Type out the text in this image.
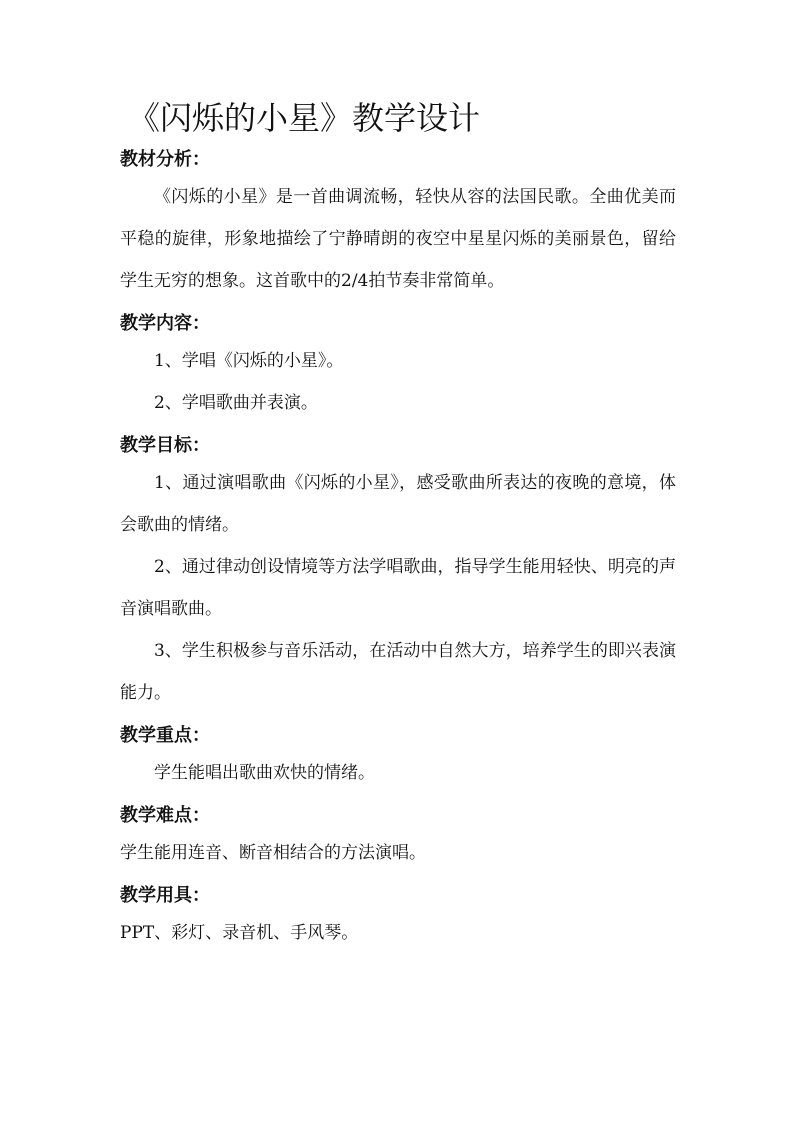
《闪烁的小星》教学设计
教材分析：

《闪烁的小星》是一首曲调流畅，轻快从容的法国民歌。全曲优美而平稳的旋律，形象地描绘了宁静晴朗的夜空中星星闪烁的美丽景色，留给学生无穷的想象。这首歌中的2/4拍节奏非常简单。

教学内容：

1、学唱《闪烁的小星》。

2、学唱歌曲并表演。

教学目标：

1、通过演唱歌曲《闪烁的小星》，感受歌曲所表达的夜晚的意境，体会歌曲的情绪。

2、通过律动创设情境等方法学唱歌曲，指导学生能用轻快、明亮的声音演唱歌曲。

3、学生积极参与音乐活动，在活动中自然大方，培养学生的即兴表演能力。

教学重点：

学生能唱出歌曲欢快的情绪。

教学难点：

学生能用连音、断音相结合的方法演唱。

教学用具：

PPT、彩灯、录音机、手风琴。
